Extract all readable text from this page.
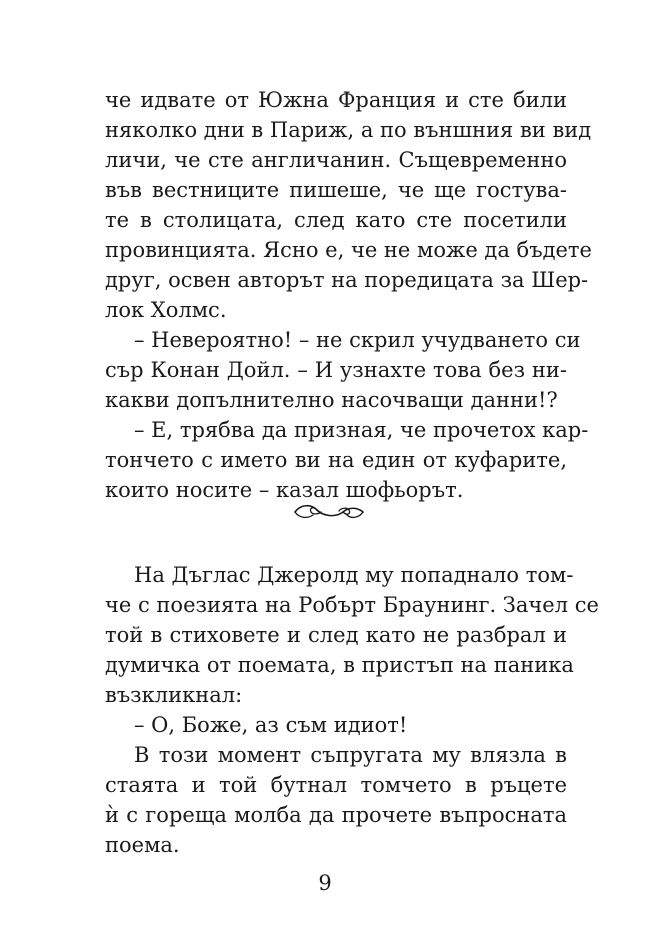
че идвате от Южна Франция и сте били
няколко дни в Париж, а по външния ви вид
личи, че сте англичанин. Същевременно
във вестниците пишеше, че ще гостува-
те в столицата, след като сте посетили
провинцията. Ясно е, че не може да бъдете
друг, освен авторът на поредицата за Шер-
лок Холмс.
– Невероятно! – не скрил учудването си
сър Конан Дойл. – И узнахте това без ни-
какви допълнително насочващи данни!?
– Е, трябва да призная, че прочетох кар-
тончето с името ви на един от куфарите,
които носите – казал шофьорът.
На Дъглас Джеролд му попаднало том-
че с поезията на Робърт Браунинг. Зачел се
той в стиховете и след като не разбрал и
думичка от поемата, в пристъп на паника
възкликнал:
– О, Боже, аз съм идиот!
В този момент съпругата му влязла в
стаята и той бутнал томчето в ръцете
ѝ с гореща молба да прочете въпросната
поема.
9
